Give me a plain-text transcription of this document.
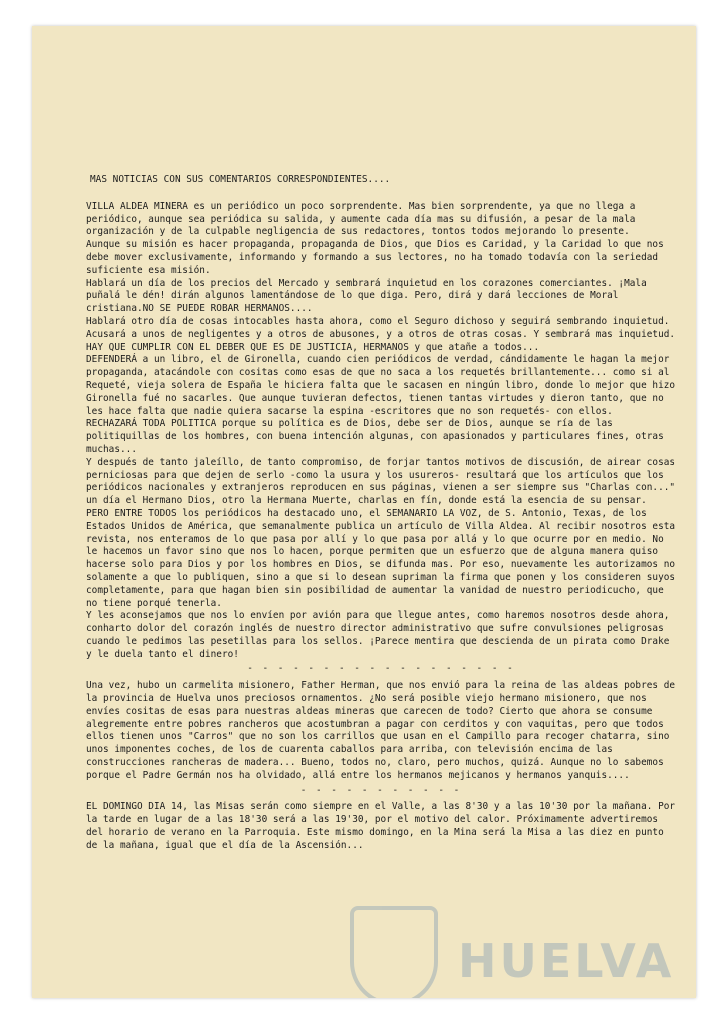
MAS NOTICIAS CON SUS COMENTARIOS CORRESPONDIENTES....

VILLA ALDEA MINERA es un periódico un poco sorprendente. Mas bien sorprendente, ya que no llega a periódico, aunque sea periódica su salida, y aumente cada día mas su difusión, a pesar de la mala organización y de la culpable negligencia de sus redactores, tontos todos mejorando lo presente.

Aunque su misión es hacer propaganda, propaganda de Dios, que Dios es Caridad, y la Caridad lo que nos debe mover exclusivamente, informando y formando a sus lectores, no ha tomado todavía con la seriedad suficiente esa misión.

Hablará un día de los precios del Mercado y sembrará inquietud en los corazones comerciantes. ¡Mala puñalá le dén! dirán algunos lamentándose de lo que diga. Pero, dirá y dará lecciones de Moral cristiana.NO SE PUEDE ROBAR HERMANOS....

Hablará otro día de cosas intocables hasta ahora, como el Seguro dichoso y seguirá sembrando inquietud. Acusará a unos de negligentes y a otros de abusones, y a otros de otras cosas. Y sembrará mas inquietud. HAY QUE CUMPLIR CON EL DEBER QUE ES DE JUSTICIA, HERMANOS y que atañe a todos...

DEFENDERÁ a un libro, el de Gironella, cuando cien periódicos de verdad, cándidamente le hagan la mejor propaganda, atacándole con cositas como esas de que no saca a los requetés brillantemente... como si al Requeté, vieja solera de España le hiciera falta que le sacasen en ningún libro, donde lo mejor que hizo Gironella fué no sacarles. Que aunque tuvieran defectos, tienen tantas virtudes y dieron tanto, que no les hace falta que nadie quiera sacarse la espina -escritores que no son requetés- con ellos.

RECHAZARÁ TODA POLITICA porque su política es de Dios, debe ser de Dios, aunque se ría de las politiquillas de los hombres, con buena intención algunas, con apasionados y particulares fines, otras muchas...

Y después de tanto jaleíllo, de tanto compromiso, de forjar tantos motivos de discusión, de airear cosas perniciosas para que dejen de serlo -como la usura y los usureros- resultará que los artículos que los periódicos nacionales y extranjeros reproducen en sus páginas, vienen a ser siempre sus "Charlas con..." un día el Hermano Dios, otro la Hermana Muerte, charlas en fín, donde está la esencia de su pensar.

PERO ENTRE TODOS los periódicos ha destacado uno, el SEMANARIO LA VOZ, de S. Antonio, Texas, de los Estados Unidos de América, que semanalmente publica un artículo de Villa Aldea. Al recibir nosotros esta revista, nos enteramos de lo que pasa por allí y lo que pasa por allá y lo que ocurre por en medio. No le hacemos un favor sino que nos lo hacen, porque permiten que un esfuerzo que de alguna manera quiso hacerse solo para Dios y por los hombres en Dios, se difunda mas. Por eso, nuevamente les autorizamos no solamente a que lo publiquen, sino a que si lo desean supriman la firma que ponen y los consideren suyos completamente, para que hagan bien sin posibilidad de aumentar la vanidad de nuestro periodicucho, que no tiene porqué tenerla.

Y les aconsejamos que nos lo envíen por avión para que llegue antes, como haremos nosotros desde ahora, conharto dolor del corazón inglés de nuestro director administrativo que sufre convulsiones peligrosas cuando le pedimos las pesetillas para los sellos. ¡Parece mentira que descienda de un pirata como Drake y le duela tanto el dinero!

- - - - - - - - - - - - - - - - - -

Una vez, hubo un carmelita misionero, Father Herman, que nos envió para la reina de las aldeas pobres de la provincia de Huelva unos preciosos ornamentos. ¿No será posible viejo hermano misionero, que nos envíes cositas de esas para nuestras aldeas mineras que carecen de todo? Cierto que ahora se consume alegremente entre pobres rancheros que acostumbran a pagar con cerditos y con vaquitas, pero que todos ellos tienen unos "Carros" que no son los carrillos que usan en el Campillo para recoger chatarra, sino unos imponentes coches, de los de cuarenta caballos para arriba, con televisión encima de las construcciones rancheras de madera... Bueno, todos no, claro, pero muchos, quizá. Aunque no lo sabemos porque el Padre Germán nos ha olvidado, allá entre los hermanos mejicanos y hermanos yanquis....

- - - - - - - - - - -

EL DOMINGO DIA 14, las Misas serán como siempre en el Valle, a las 8'30 y a las 10'30 por la mañana. Por la tarde en lugar de a las 18'30 será a las 19'30, por el motivo del calor. Próximamente advertiremos del horario de verano en la Parroquia. Este mismo domingo, en la Mina será la Misa a las diez en punto de la mañana, igual que el día de la Ascensión...

HUELVA
